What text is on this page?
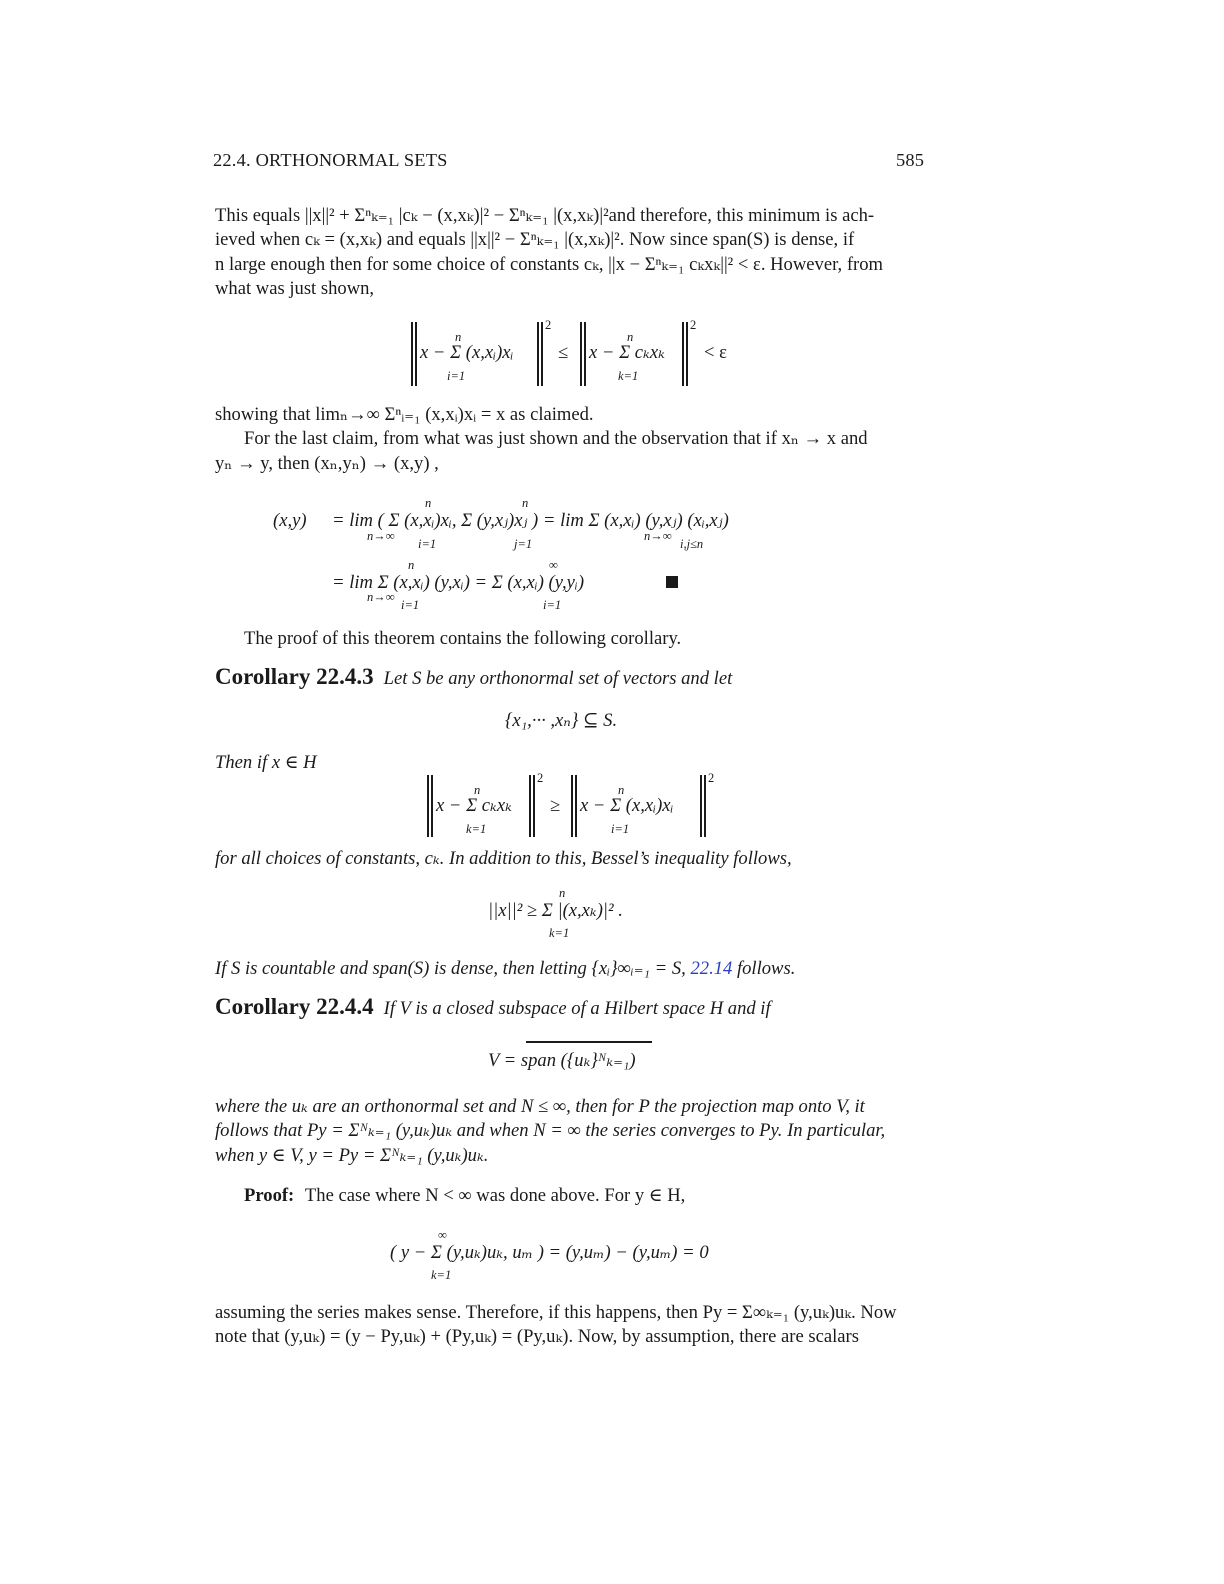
22.4. ORTHONORMAL SETS	585
This equals ||x||² + Σⁿₖ₌₁ |cₖ − (x,xₖ)|² − Σⁿₖ₌₁ |(x,xₖ)|²and therefore, this minimum is ach-
ieved when cₖ = (x,xₖ) and equals ||x||² − Σⁿₖ₌₁ |(x,xₖ)|². Now since span(S) is dense, if
n large enough then for some choice of constants cₖ, ||x − Σⁿₖ₌₁ cₖxₖ||² < ε. However, from
what was just shown,
x − Σ (x,xᵢ)xᵢ
n
i=1
2
≤ x − Σ cₖxₖ
n
k=1
2
< ε
showing that limₙ→∞ Σⁿᵢ₌₁ (x,xᵢ)xᵢ = x as claimed.
For the last claim, from what was just shown and the observation that if xₙ → x and
yₙ → y, then (xₙ,yₙ) → (x,y) ,
(x,y) = lim ( Σ (x,xᵢ)xᵢ, Σ (y,xⱼ)xⱼ ) = lim Σ (x,xᵢ) (y,xⱼ) (xᵢ,xⱼ)
n→∞
n
i=1
n
j=1
n→∞
i,j≤n
= lim Σ (x,xᵢ) (y,xᵢ) = Σ (x,xᵢ) (y,yᵢ)
n→∞
n
i=1
∞
i=1
The proof of this theorem contains the following corollary.
Corollary 22.4.3 Let S be any orthonormal set of vectors and let
{x₁,··· ,xₙ} ⊆ S.
Then if x ∈ H
x − Σ cₖxₖ
n
k=1
2
≥ x − Σ (x,xᵢ)xᵢ
n
i=1
2
for all choices of constants, cₖ. In addition to this, Bessel’s inequality follows,
||x||² ≥ Σ |(x,xₖ)|² .
n
k=1
If S is countable and span(S) is dense, then letting {xᵢ}∞ᵢ₌₁ = S, 22.14 follows.
Corollary 22.4.4 If V is a closed subspace of a Hilbert space H and if
V = span ({uₖ}ᴺₖ₌₁)
where the uₖ are an orthonormal set and N ≤ ∞, then for P the projection map onto V, it
follows that Py = Σᴺₖ₌₁ (y,uₖ)uₖ and when N = ∞ the series converges to Py. In particular,
when y ∈ V, y = Py = Σᴺₖ₌₁ (y,uₖ)uₖ.
Proof: The case where N < ∞ was done above. For y ∈ H,
( y − Σ (y,uₖ)uₖ, uₘ ) = (y,uₘ) − (y,uₘ) = 0
∞
k=1
assuming the series makes sense. Therefore, if this happens, then Py = Σ∞ₖ₌₁ (y,uₖ)uₖ. Now
note that (y,uₖ) = (y − Py,uₖ) + (Py,uₖ) = (Py,uₖ). Now, by assumption, there are scalars
